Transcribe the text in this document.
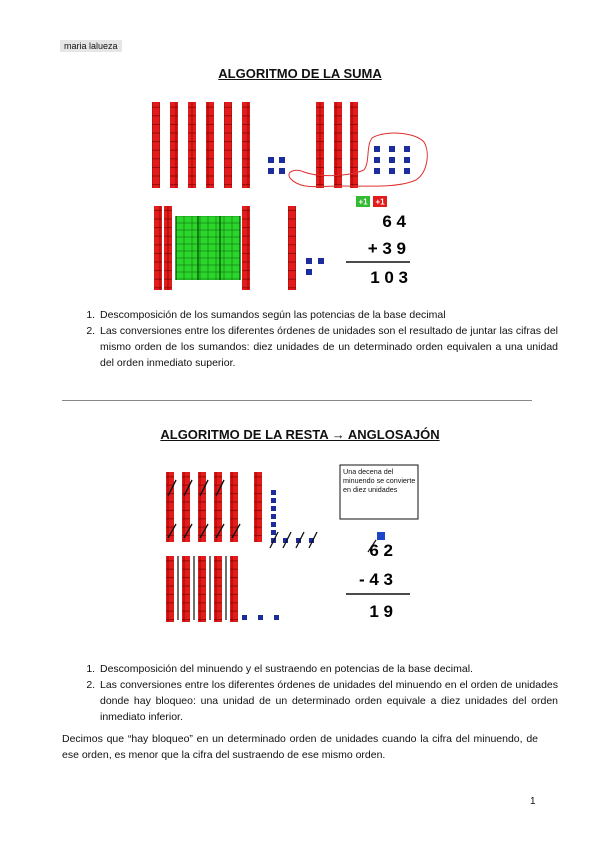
maria lalueza
ALGORITMO DE LA SUMA
+1 +1
6 4
+ 3 9
1 0 3
1. Descomposición de los sumandos según las potencias de la base decimal
2. Las conversiones entre los diferentes órdenes de unidades son el resultado de juntar las cifras del mismo orden de los sumandos: diez unidades de un determinado orden equivalen a una unidad del orden inmediato superior.
ALGORITMO DE LA RESTA → ANGLOSAJÓN
Una decena del minuendo se convierte en diez unidades
6 2
- 4 3
1 9
1. Descomposición del minuendo y el sustraendo en potencias de la base decimal.
2. Las conversiones entre los diferentes órdenes de unidades del minuendo en el orden de unidades donde hay bloqueo: una unidad de un determinado orden equivale a diez unidades del orden inmediato inferior.

Decimos que “hay bloqueo” en un determinado orden de unidades cuando la cifra del minuendo, de ese orden, es menor que la cifra del sustraendo de ese mismo orden.

1
